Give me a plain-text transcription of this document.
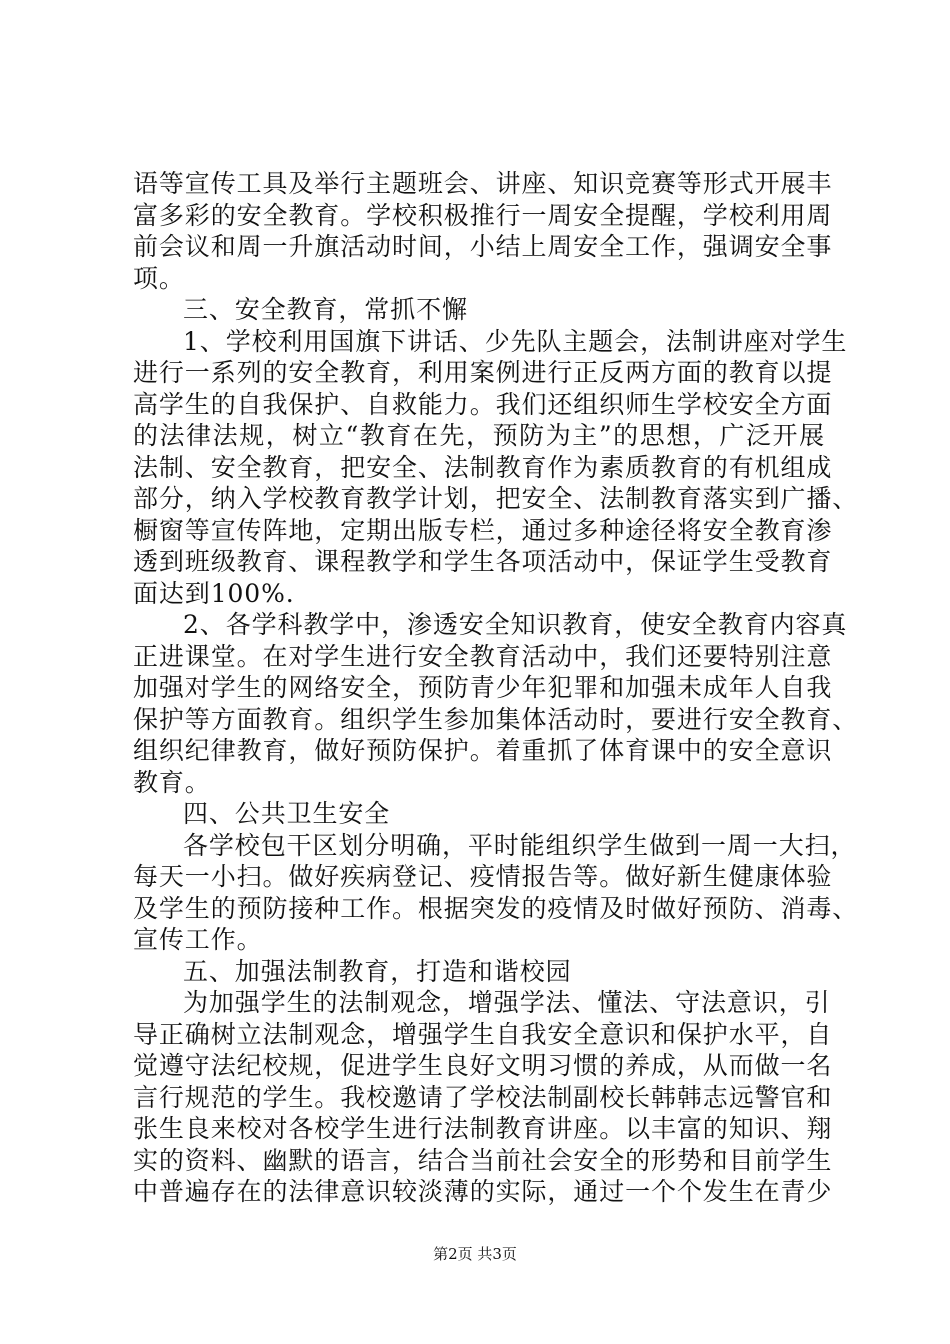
语等宣传工具及举行主题班会、讲座、知识竞赛等形式开展丰
富多彩的安全教育。学校积极推行一周安全提醒，学校利用周
前会议和周一升旗活动时间，小结上周安全工作，强调安全事
项。
三、安全教育，常抓不懈
1、学校利用国旗下讲话、少先队主题会，法制讲座对学生
进行一系列的安全教育，利用案例进行正反两方面的教育以提
高学生的自我保护、自救能力。我们还组织师生学校安全方面
的法律法规，树立“教育在先，预防为主”的思想，广泛开展
法制、安全教育，把安全、法制教育作为素质教育的有机组成
部分，纳入学校教育教学计划，把安全、法制教育落实到广播、
橱窗等宣传阵地，定期出版专栏，通过多种途径将安全教育渗
透到班级教育、课程教学和学生各项活动中，保证学生受教育
面达到100%.
2、各学科教学中，渗透安全知识教育，使安全教育内容真
正进课堂。在对学生进行安全教育活动中，我们还要特别注意
加强对学生的网络安全，预防青少年犯罪和加强未成年人自我
保护等方面教育。组织学生参加集体活动时，要进行安全教育、
组织纪律教育，做好预防保护。着重抓了体育课中的安全意识
教育。
四、公共卫生安全
各学校包干区划分明确，平时能组织学生做到一周一大扫，
每天一小扫。做好疾病登记、疫情报告等。做好新生健康体验
及学生的预防接种工作。根据突发的疫情及时做好预防、消毒、
宣传工作。
五、加强法制教育，打造和谐校园
为加强学生的法制观念，增强学法、懂法、守法意识，引
导正确树立法制观念，增强学生自我安全意识和保护水平，自
觉遵守法纪校规，促进学生良好文明习惯的养成，从而做一名
言行规范的学生。我校邀请了学校法制副校长韩韩志远警官和
张生良来校对各校学生进行法制教育讲座。以丰富的知识、翔
实的资料、幽默的语言，结合当前社会安全的形势和目前学生
中普遍存在的法律意识较淡薄的实际，通过一个个发生在青少
第2页 共3页
